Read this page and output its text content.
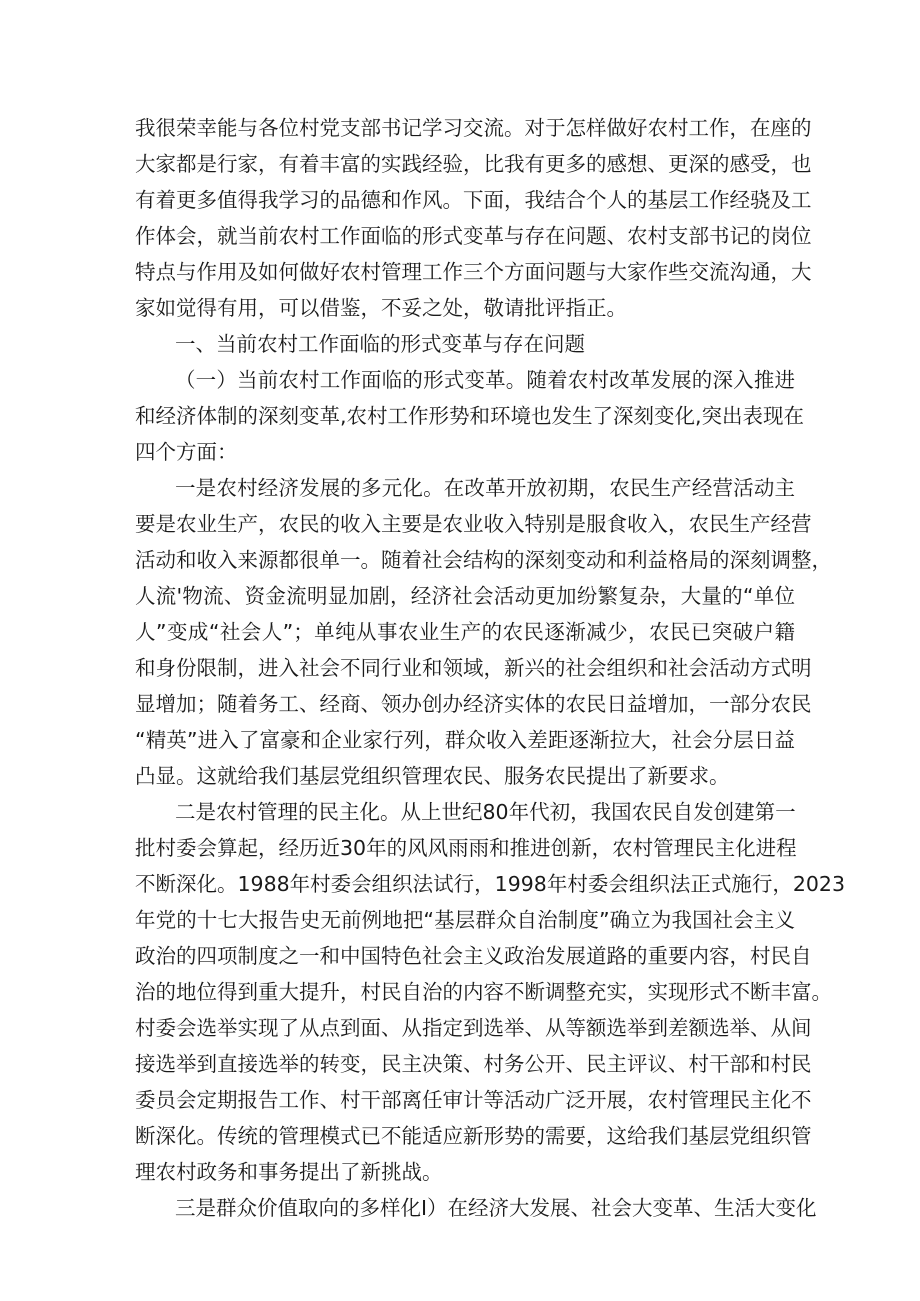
我很荣幸能与各位村党支部书记学习交流。对于怎样做好农村工作，在座的
大家都是行家，有着丰富的实践经验，比我有更多的感想、更深的感受，也
有着更多值得我学习的品德和作风。下面，我结合个人的基层工作经骁及工
作体会，就当前农村工作面临的形式变革与存在问题、农村支部书记的岗位
特点与作用及如何做好农村管理工作三个方面问题与大家作些交流沟通，大
家如觉得有用，可以借鉴，不妥之处，敬请批评指正。
一、当前农村工作面临的形式变革与存在问题
（一）当前农村工作面临的形式变革。随着农村改革发展的深入推进
和经济体制的深刻变革,农村工作形势和环境也发生了深刻变化,突出表现在
四个方面：
一是农村经济发展的多元化。在改革开放初期，农民生产经营活动主
要是农业生产，农民的收入主要是农业收入特别是服食收入，农民生产经营
活动和收入来源都很单一。随着社会结构的深刻变动和利益格局的深刻调整，
人流'物流、资金流明显加剧，经济社会活动更加纷繁复杂，大量的“单位
人”变成“社会人”；单纯从事农业生产的农民逐渐减少，农民已突破户籍
和身份限制，进入社会不同行业和领域，新兴的社会组织和社会活动方式明
显增加；随着务工、经商、领办创办经济实体的农民日益增加，一部分农民
“精英”进入了富豪和企业家行列，群众收入差距逐渐拉大，社会分层日益
凸显。这就给我们基层党组织管理农民、服务农民提出了新要求。
二是农村管理的民主化。从上世纪80年代初，我国农民自发创建第一
批村委会算起，经历近30年的风风雨雨和推进创新，农村管理民主化进程
不断深化。1988年村委会组织法试行，1998年村委会组织法正式施行，2023
年党的十七大报告史无前例地把“基层群众自治制度”确立为我国社会主义
政治的四项制度之一和中国特色社会主义政治发展道路的重要内容，村民自
治的地位得到重大提升，村民自治的内容不断调整充实，实现形式不断丰富。
村委会选举实现了从点到面、从指定到选举、从等额选举到差额选举、从间
接选举到直接选举的转变，民主决策、村务公开、民主评议、村干部和村民
委员会定期报告工作、村干部离任审计等活动广泛开展，农村管理民主化不
断深化。传统的管理模式已不能适应新形势的需要，这给我们基层党组织管
理农村政务和事务提出了新挑战。
三是群众价值取向的多样化I）在经济大发展、社会大变革、生活大变化
